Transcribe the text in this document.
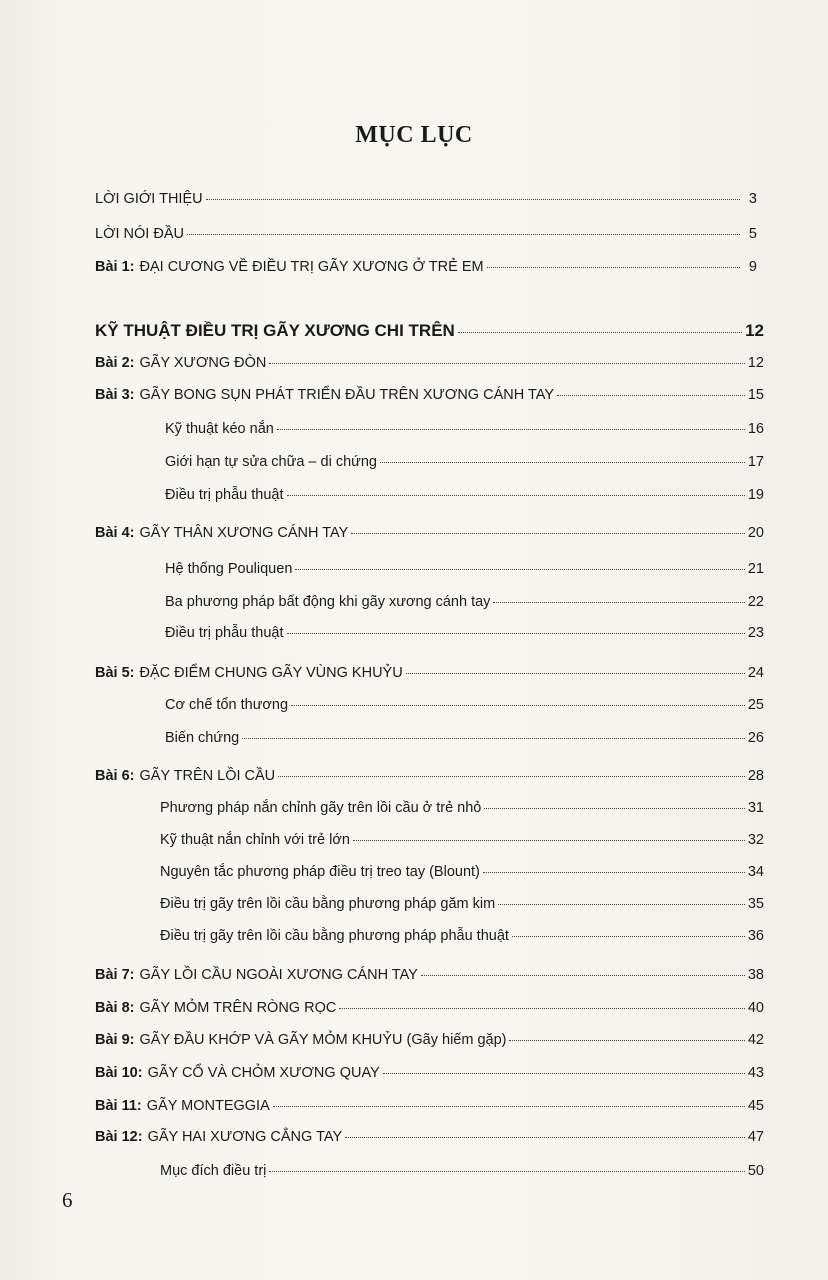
MỤC LỤC
LỜI GIỚI THIỆU	3
LỜI NÓI ĐẦU	5
Bài 1: ĐẠI CƯƠNG VỀ ĐIỀU TRỊ GÃY XƯƠNG Ở TRẺ EM	9
KỸ THUẬT ĐIỀU TRỊ GÃY XƯƠNG CHI TRÊN	12
Bài 2: GÃY XƯƠNG ĐÒN	12
Bài 3: GÃY BONG SỤN PHÁT TRIỂN ĐẦU TRÊN XƯƠNG CÁNH TAY	15
Kỹ thuật kéo nắn	16
Giới hạn tự sửa chữa – di chứng	17
Điều trị phẫu thuật	19
Bài 4: GÃY THÂN XƯƠNG CÁNH TAY	20
Hệ thống Pouliquen	21
Ba phương pháp bất động khi gãy xương cánh tay	22
Điều trị phẫu thuật	23
Bài 5: ĐẶC ĐIỂM CHUNG GÃY VÙNG KHUỶU	24
Cơ chế tổn thương	25
Biến chứng	26
Bài 6: GÃY TRÊN LỒI CẦU	28
Phương pháp nắn chỉnh gãy trên lồi cầu ở trẻ nhỏ	31
Kỹ thuật nắn chỉnh với trẻ lớn	32
Nguyên tắc phương pháp điều trị treo tay (Blount)	34
Điều trị gãy trên lồi cầu bằng phương pháp găm kim	35
Điều trị gãy trên lồi cầu bằng phương pháp phẫu thuật	36
Bài 7: GÃY LỒI CẦU NGOÀI XƯƠNG CÁNH TAY	38
Bài 8: GÃY MỎM TRÊN RÒNG RỌC	40
Bài 9: GÃY ĐẦU KHỚP VÀ GÃY MỎM KHUỶU (Gãy hiếm gặp)	42
Bài 10: GÃY CỔ VÀ CHỎM XƯƠNG QUAY	43
Bài 11: GÃY MONTEGGIA	45
Bài 12: GÃY HAI XƯƠNG CẲNG TAY	47
Mục đích điều trị	50
6
